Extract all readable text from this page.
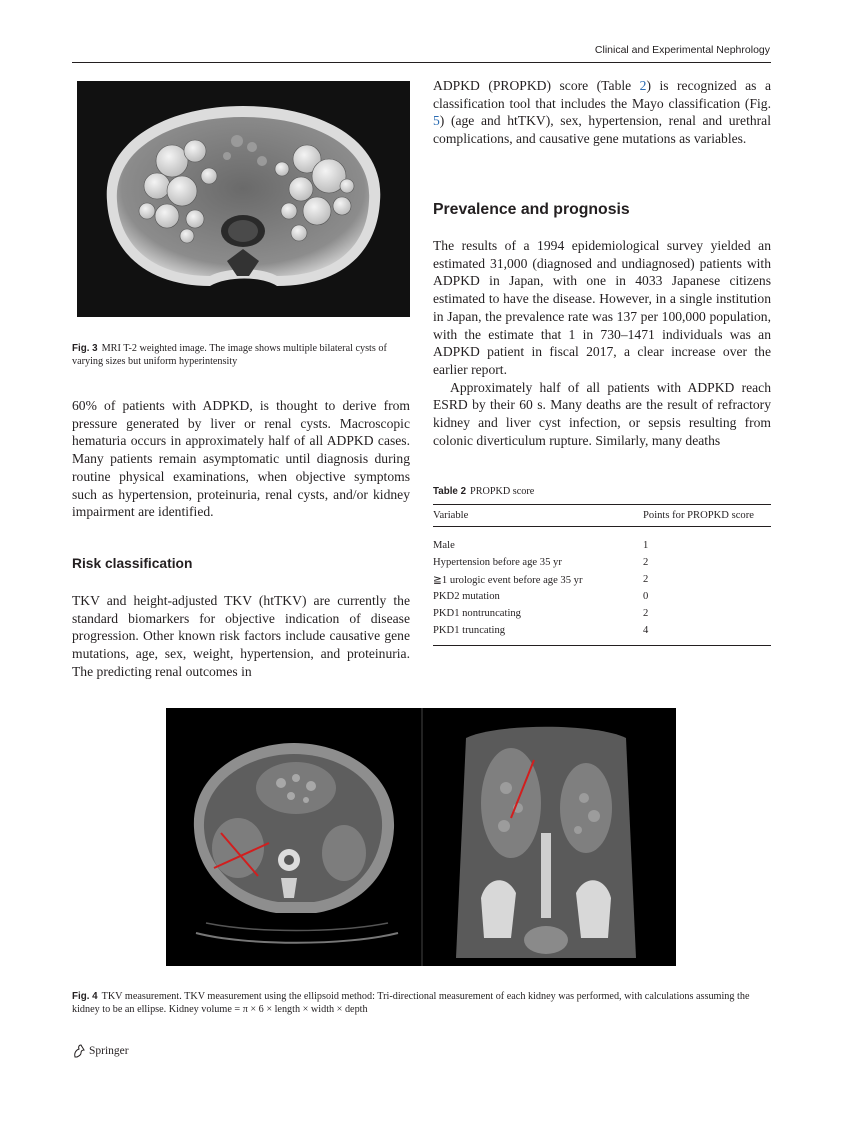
Clinical and Experimental Nephrology
Fig. 3 MRI T-2 weighted image. The image shows multiple bilateral cysts of varying sizes but uniform hyperintensity

60% of patients with ADPKD, is thought to derive from pressure generated by liver or renal cysts. Macroscopic hematuria occurs in approximately half of all ADPKD cases. Many patients remain asymptomatic until diagnosis during routine physical examinations, when objective symptoms such as hypertension, proteinuria, renal cysts, and/or kidney impairment are identified.

Risk classification

TKV and height-adjusted TKV (htTKV) are currently the standard biomarkers for objective indication of disease progression. Other known risk factors include causative gene mutations, age, sex, weight, hypertension, and proteinuria. The predicting renal outcomes in

ADPKD (PROPKD) score (Table 2) is recognized as a classification tool that includes the Mayo classification (Fig. 5) (age and htTKV), sex, hypertension, renal and urethral complications, and causative gene mutations as variables.

Prevalence and prognosis

The results of a 1994 epidemiological survey yielded an estimated 31,000 (diagnosed and undiagnosed) patients with ADPKD in Japan, with one in 4033 Japanese citizens estimated to have the disease. However, in a single institution in Japan, the prevalence rate was 137 per 100,000 population, with the estimate that 1 in 730–1471 individuals was an ADPKD patient in fiscal 2017, a clear increase over the earlier report.

Approximately half of all patients with ADPKD reach ESRD by their 60 s. Many deaths are the result of refractory kidney and liver cyst infection, or sepsis resulting from colonic diverticulum rupture. Similarly, many deaths

Table 2 PROPKD score
Variable	Points for PROPKD score
Male	1
Hypertension before age 35 yr	2
≧1 urologic event before age 35 yr	2
PKD2 mutation	0
PKD1 nontruncating	2
PKD1 truncating	4
Fig. 4 TKV measurement. TKV measurement using the ellipsoid method: Tri-directional measurement of each kidney was performed, with calculations assuming the kidney to be an ellipse. Kidney volume = π × 6 × length × width × depth
Springer
